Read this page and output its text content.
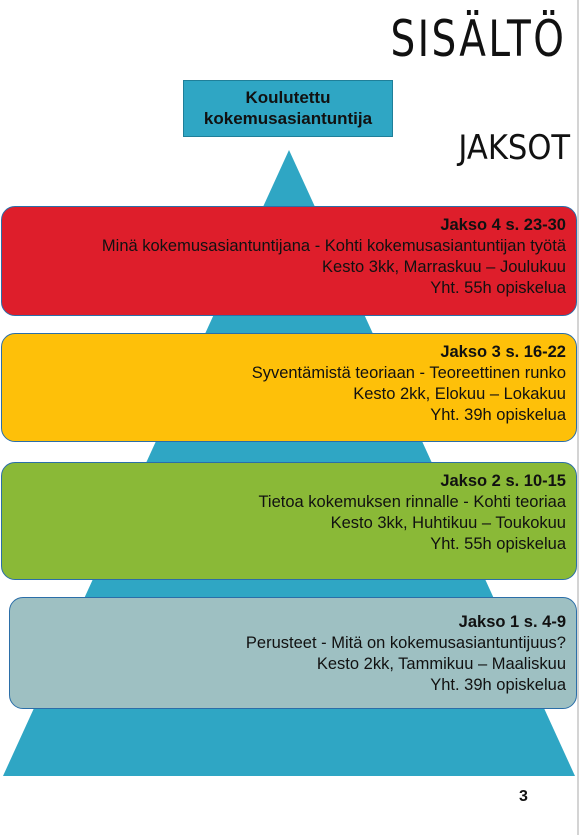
SISÄLTÖ
JAKSOT
Koulutettu
kokemusasiantuntija
Jakso 4 s. 23-30
Minä kokemusasiantuntijana - Kohti kokemusasiantuntijan työtä
Kesto 3kk, Marraskuu – Joulukuu
Yht. 55h opiskelua
Jakso 3 s. 16-22
Syventämistä teoriaan - Teoreettinen runko
Kesto 2kk, Elokuu – Lokakuu
Yht. 39h opiskelua
Jakso 2 s. 10-15
Tietoa kokemuksen rinnalle - Kohti teoriaa
Kesto 3kk, Huhtikuu – Toukokuu
Yht. 55h opiskelua
Jakso 1 s. 4-9
Perusteet - Mitä on kokemusasiantuntijuus?
Kesto 2kk, Tammikuu – Maaliskuu
Yht. 39h opiskelua
3
